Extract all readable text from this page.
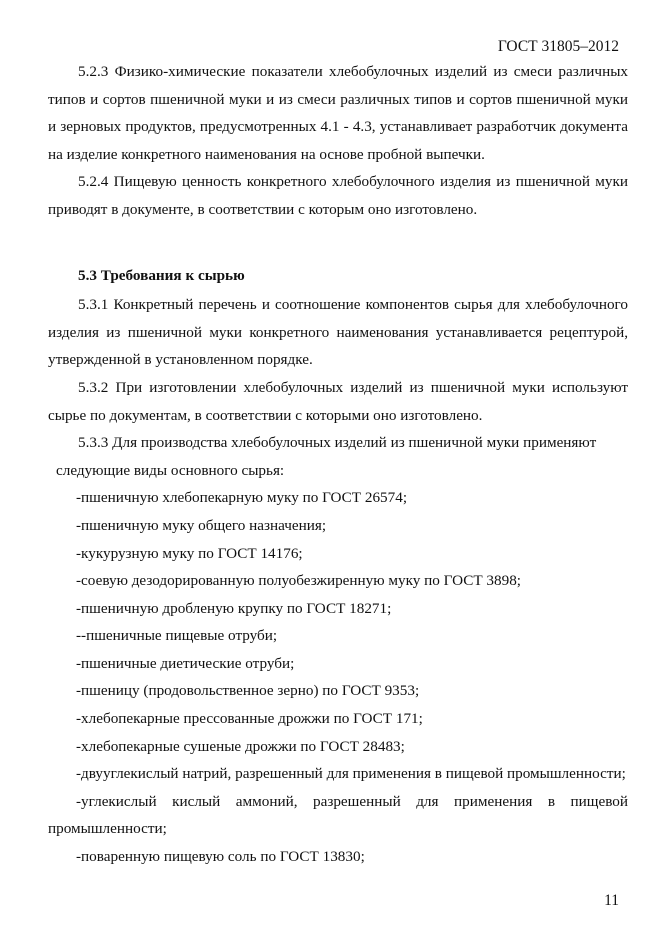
ГОСТ 31805–2012

5.2.3 Физико-химические показатели хлебобулочных изделий из смеси различных типов и сортов пшеничной муки и из смеси различных типов и сортов пшеничной муки и зерновых продуктов, предусмотренных 4.1 - 4.3, устанавливает разработчик документа на изделие конкретного наименования на основе пробной выпечки.

5.2.4 Пищевую ценность конкретного хлебобулочного изделия из пшеничной муки приводят в документе, в соответствии с которым оно изготовлено.

5.3 Требования к сырью

5.3.1 Конкретный перечень и соотношение компонентов сырья для хлебобулочного изделия из пшеничной муки конкретного наименования устанавливается рецептурой, утвержденной в установленном порядке.

5.3.2 При изготовлении хлебобулочных изделий из пшеничной муки используют сырье по документам, в соответствии с которыми оно изготовлено.

5.3.3 Для производства хлебобулочных изделий из пшеничной муки применяют

следующие виды основного сырья:

-пшеничную хлебопекарную муку по ГОСТ 26574;

-пшеничную муку общего назначения;

-кукурузную муку по ГОСТ 14176;

-соевую дезодорированную полуобезжиренную муку по ГОСТ 3898;

-пшеничную дробленую крупку по ГОСТ 18271;

--пшеничные пищевые отруби;

-пшеничные диетические отруби;

-пшеницу (продовольственное зерно) по ГОСТ 9353;

-хлебопекарные прессованные дрожжи по ГОСТ 171;

-хлебопекарные сушеные дрожжи по ГОСТ 28483;

-двууглекислый натрий, разрешенный для применения в пищевой промышленности;

-углекислый кислый аммоний, разрешенный для применения в пищевой промышленности;

-поваренную пищевую соль по ГОСТ 13830;

11
